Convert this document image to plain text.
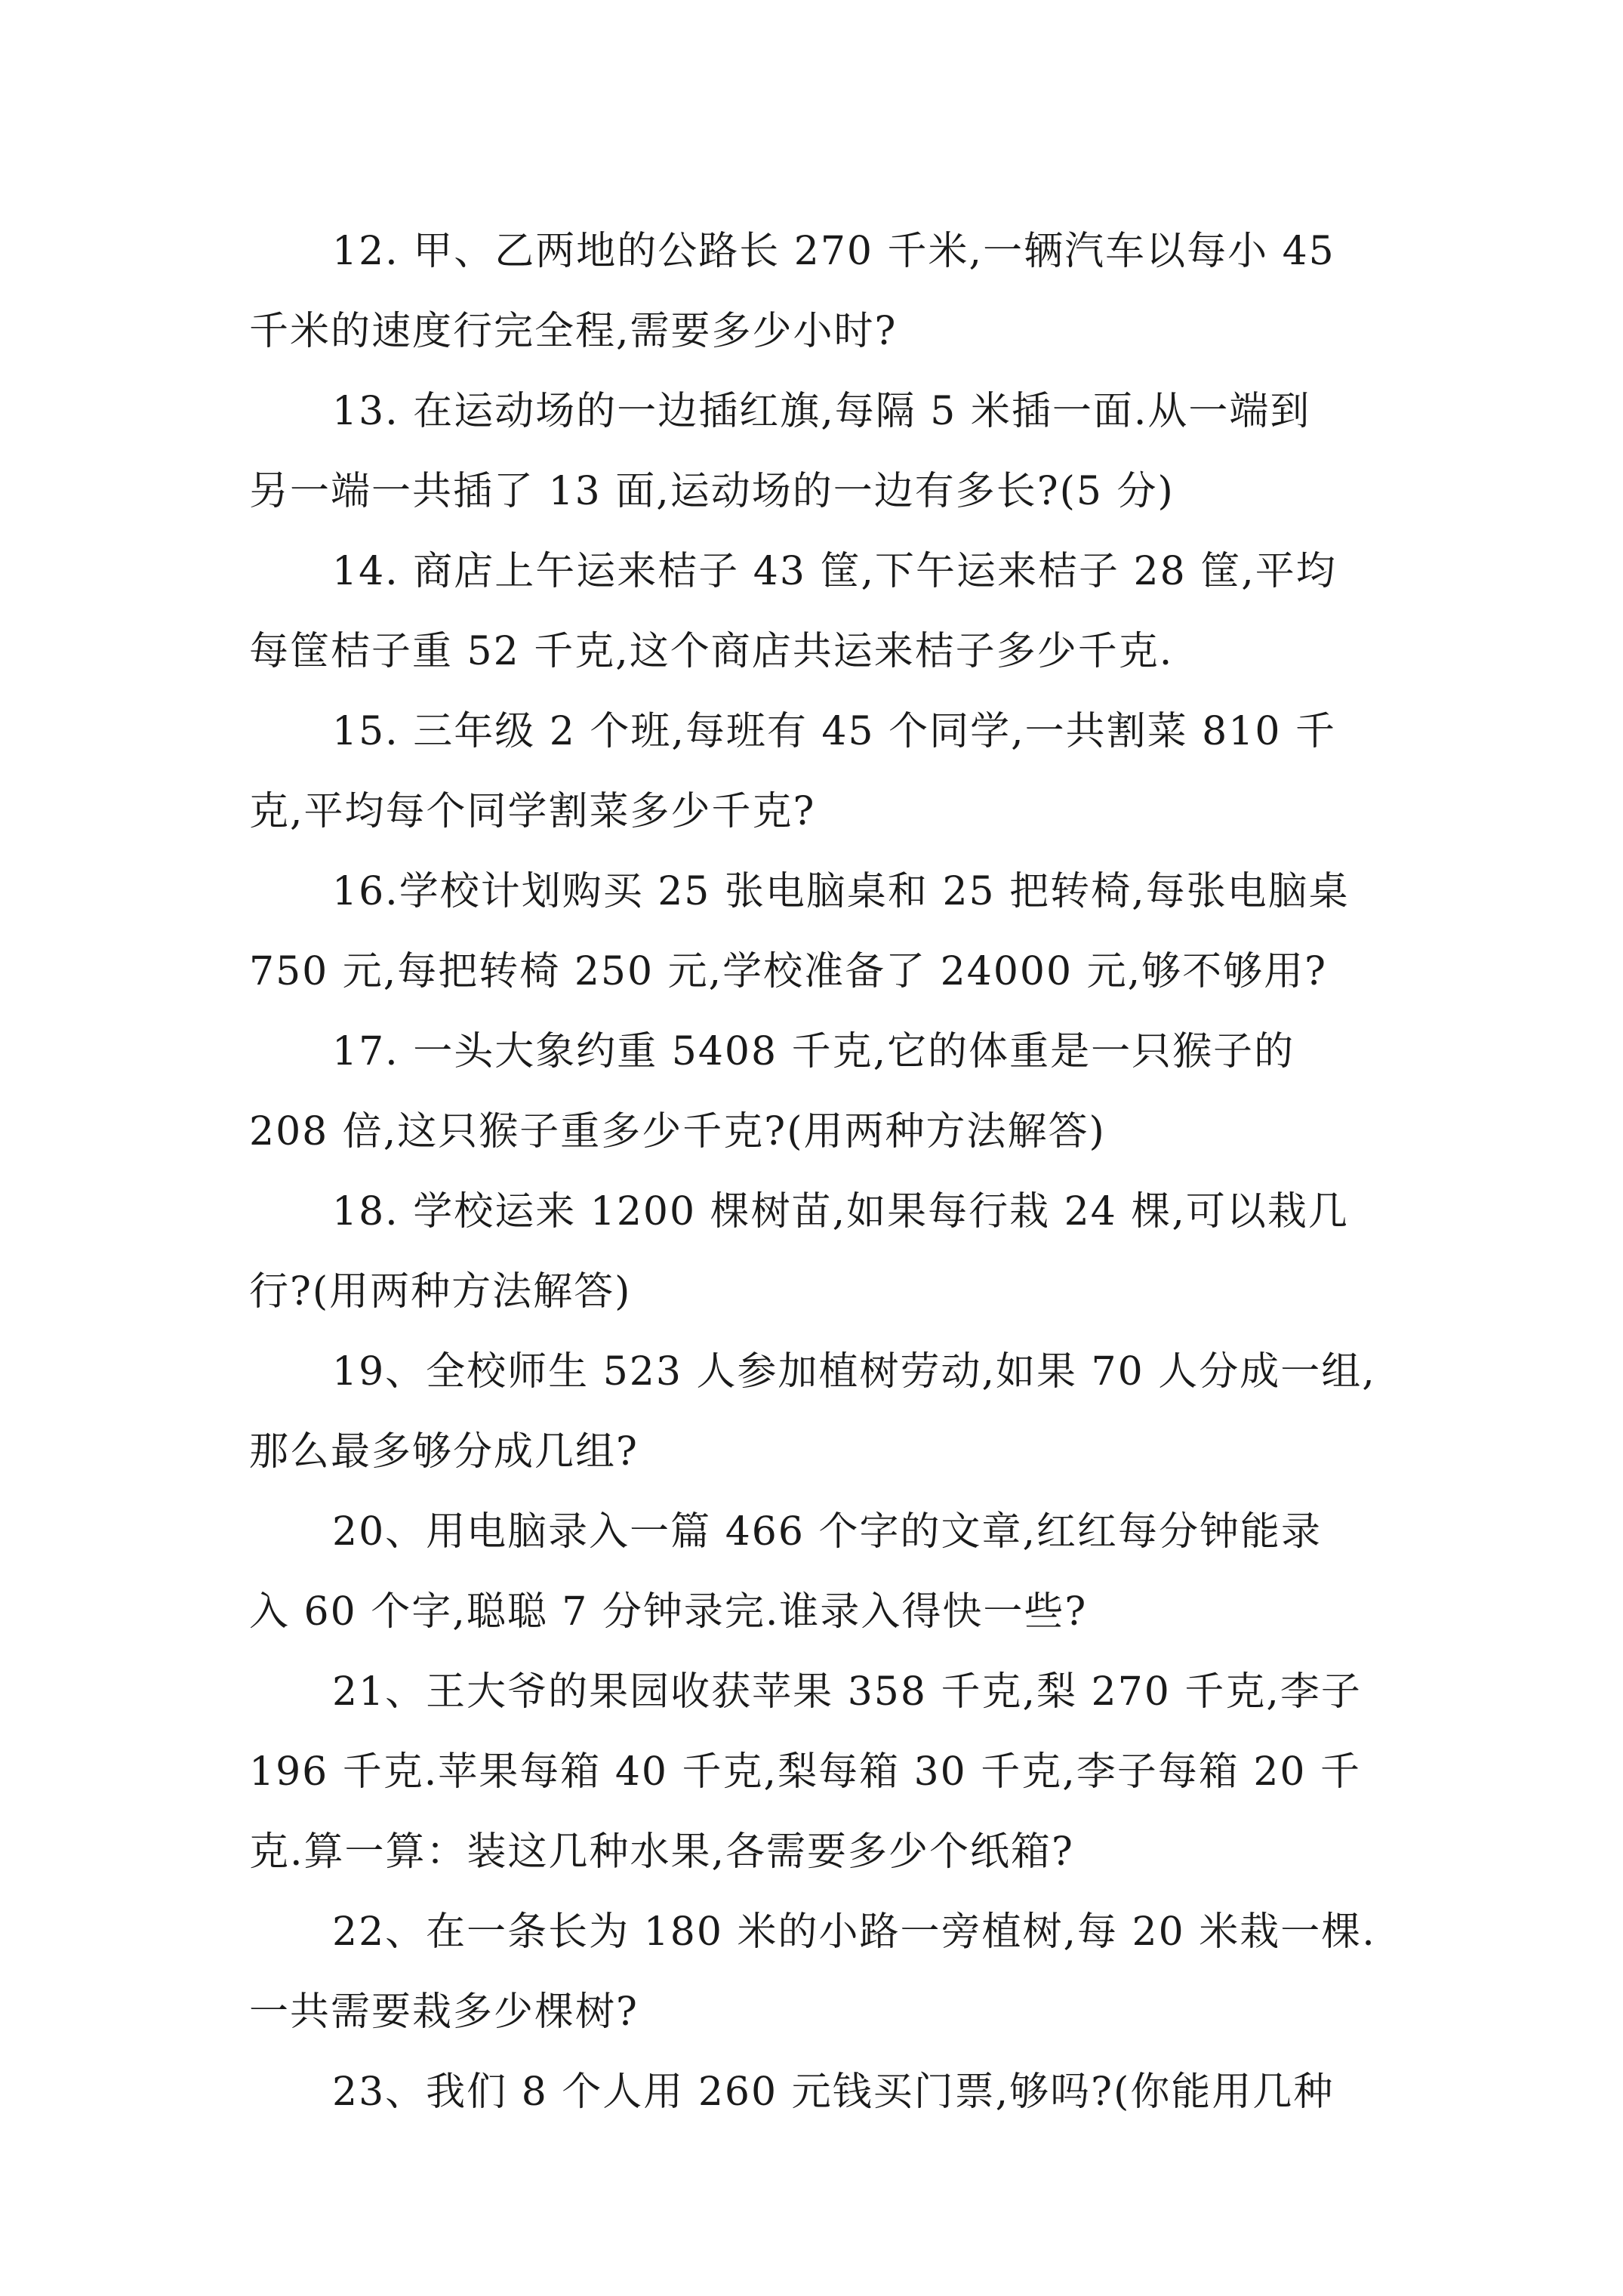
12. 甲、乙两地的公路长 270 千米,一辆汽车以每小 45
千米的速度行完全程,需要多少小时?
13. 在运动场的一边插红旗,每隔 5 米插一面.从一端到
另一端一共插了 13 面,运动场的一边有多长?(5 分)
14. 商店上午运来桔子 43 筐,下午运来桔子 28 筐,平均
每筐桔子重 52 千克,这个商店共运来桔子多少千克.
15. 三年级 2 个班,每班有 45 个同学,一共割菜 810 千
克,平均每个同学割菜多少千克?
16.学校计划购买 25 张电脑桌和 25 把转椅,每张电脑桌
750 元,每把转椅 250 元,学校准备了 24000 元,够不够用?
17. 一头大象约重 5408 千克,它的体重是一只猴子的
208 倍,这只猴子重多少千克?(用两种方法解答)
18. 学校运来 1200 棵树苗,如果每行栽 24 棵,可以栽几
行?(用两种方法解答)
19、全校师生 523 人参加植树劳动,如果 70 人分成一组,
那么最多够分成几组?
20、用电脑录入一篇 466 个字的文章,红红每分钟能录
入 60 个字,聪聪 7 分钟录完.谁录入得快一些?
21、王大爷的果园收获苹果 358 千克,梨 270 千克,李子
196 千克.苹果每箱 40 千克,梨每箱 30 千克,李子每箱 20 千
克.算一算：装这几种水果,各需要多少个纸箱?
22、在一条长为 180 米的小路一旁植树,每 20 米栽一棵.
一共需要栽多少棵树?
23、我们 8 个人用 260 元钱买门票,够吗?(你能用几种
